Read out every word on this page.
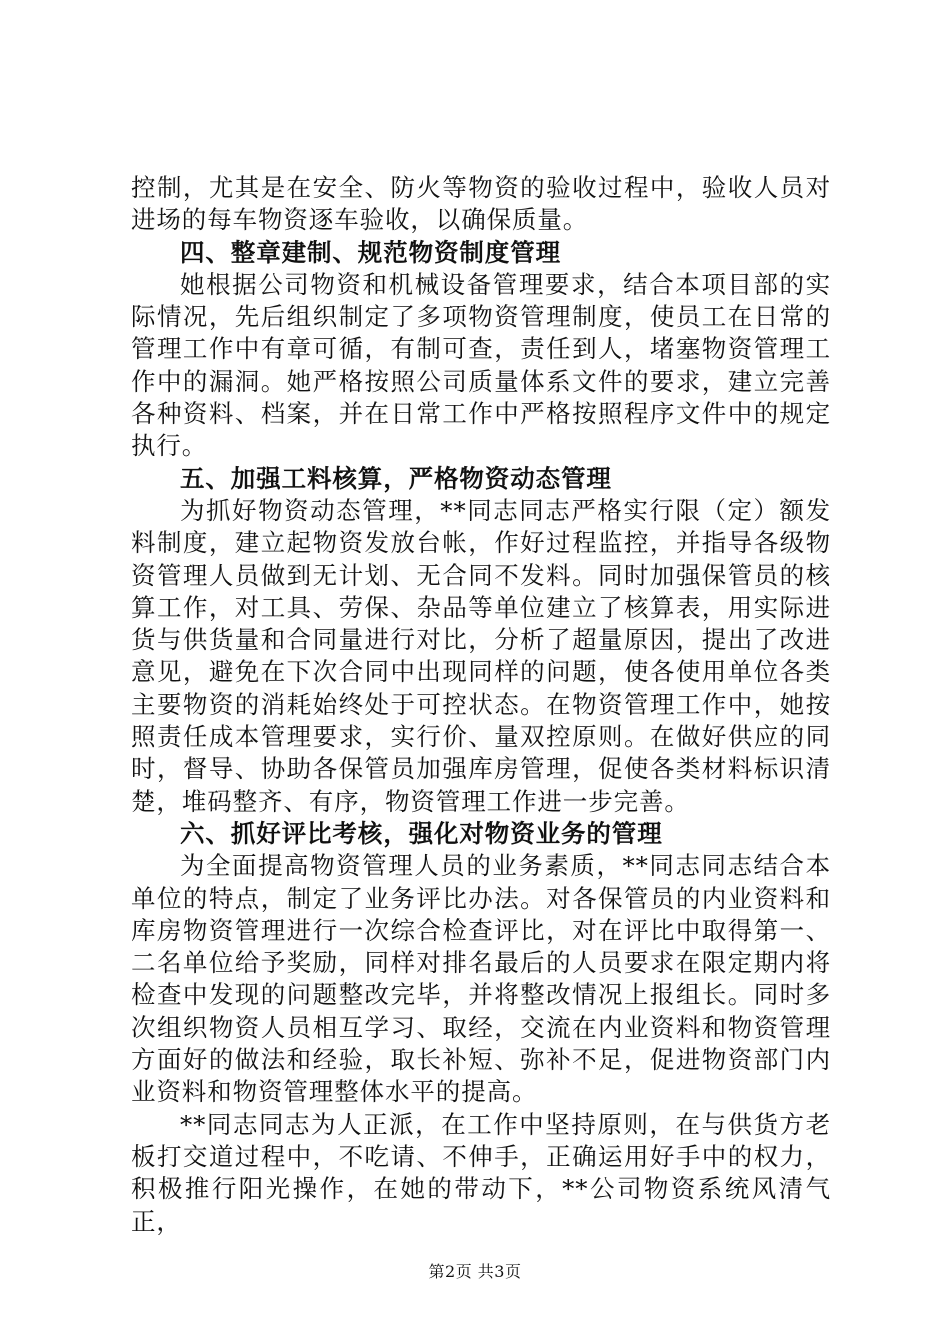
控制，尤其是在安全、防火等物资的验收过程中，验收人员对进场的每车物资逐车验收，以确保质量。

四、整章建制、规范物资制度管理

她根据公司物资和机械设备管理要求，结合本项目部的实际情况，先后组织制定了多项物资管理制度，使员工在日常的管理工作中有章可循，有制可查，责任到人，堵塞物资管理工作中的漏洞。她严格按照公司质量体系文件的要求，建立完善各种资料、档案，并在日常工作中严格按照程序文件中的规定执行。

五、加强工料核算，严格物资动态管理

为抓好物资动态管理，**同志同志严格实行限（定）额发料制度，建立起物资发放台帐，作好过程监控，并指导各级物资管理人员做到无计划、无合同不发料。同时加强保管员的核算工作，对工具、劳保、杂品等单位建立了核算表，用实际进货与供货量和合同量进行对比，分析了超量原因，提出了改进意见，避免在下次合同中出现同样的问题，使各使用单位各类主要物资的消耗始终处于可控状态。在物资管理工作中，她按照责任成本管理要求，实行价、量双控原则。在做好供应的同时，督导、协助各保管员加强库房管理，促使各类材料标识清楚，堆码整齐、有序，物资管理工作进一步完善。

六、抓好评比考核，强化对物资业务的管理

为全面提高物资管理人员的业务素质，**同志同志结合本单位的特点，制定了业务评比办法。对各保管员的内业资料和库房物资管理进行一次综合检查评比，对在评比中取得第一、二名单位给予奖励，同样对排名最后的人员要求在限定期内将检查中发现的问题整改完毕，并将整改情况上报组长。同时多次组织物资人员相互学习、取经，交流在内业资料和物资管理方面好的做法和经验，取长补短、弥补不足，促进物资部门内业资料和物资管理整体水平的提高。

**同志同志为人正派，在工作中坚持原则，在与供货方老板打交道过程中，不吃请、不伸手，正确运用好手中的权力，积极推行阳光操作，在她的带动下，**公司物资系统风清气正，

第2页 共3页
